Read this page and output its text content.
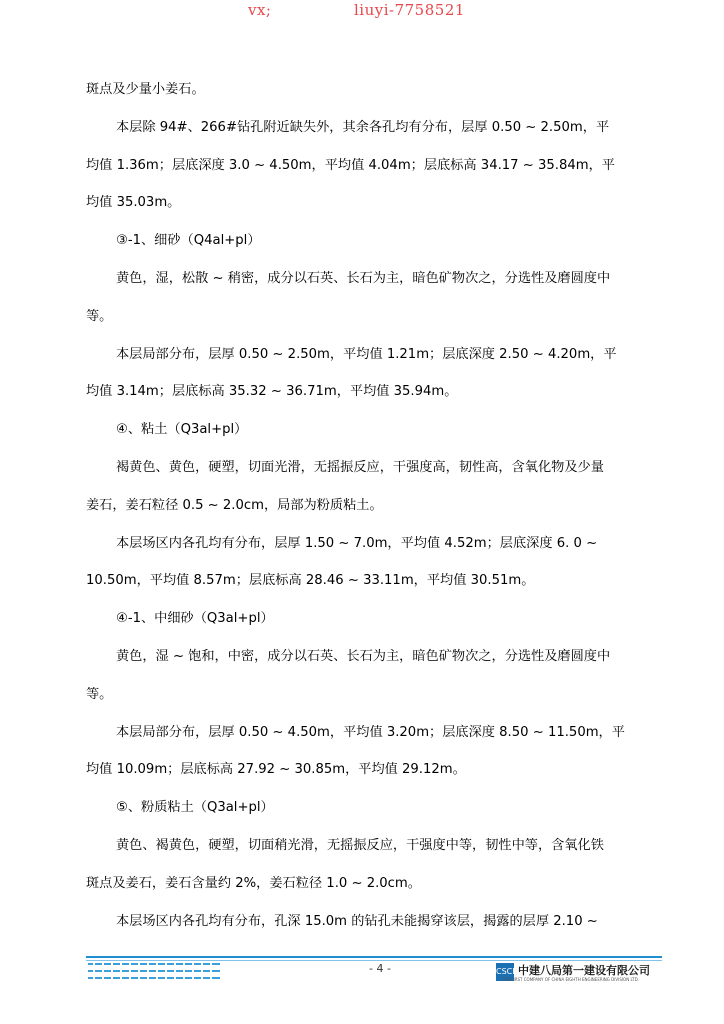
vx;	liuyi-7758521
斑点及少量小姜石。
本层除 94#、266#钻孔附近缺失外，其余各孔均有分布，层厚 0.50 ~ 2.50m，平
均值 1.36m；层底深度 3.0 ~ 4.50m，平均值 4.04m；层底标高 34.17 ~ 35.84m，平
均值 35.03m。
③-1、细砂（Q4al+pl）
黄色，湿，松散 ~ 稍密，成分以石英、长石为主，暗色矿物次之，分选性及磨圆度中
等。
本层局部分布，层厚 0.50 ~ 2.50m，平均值 1.21m；层底深度 2.50 ~ 4.20m，平
均值 3.14m；层底标高 35.32 ~ 36.71m，平均值 35.94m。
④、粘土（Q3al+pl）
褐黄色、黄色，硬塑，切面光滑，无摇振反应，干强度高，韧性高，含氧化物及少量
姜石，姜石粒径 0.5 ~ 2.0cm，局部为粉质粘土。
本层场区内各孔均有分布，层厚 1.50 ~ 7.0m，平均值 4.52m；层底深度 6. 0 ~
10.50m，平均值 8.57m；层底标高 28.46 ~ 33.11m，平均值 30.51m。
④-1、中细砂（Q3al+pl）
黄色，湿 ~ 饱和，中密，成分以石英、长石为主，暗色矿物次之，分选性及磨圆度中
等。
本层局部分布，层厚 0.50 ~ 4.50m，平均值 3.20m；层底深度 8.50 ~ 11.50m，平
均值 10.09m；层底标高 27.92 ~ 30.85m，平均值 29.12m。
⑤、粉质粘土（Q3al+pl）
黄色、褐黄色，硬塑，切面稍光滑，无摇振反应，干强度中等，韧性中等，含氧化铁
斑点及姜石，姜石含量约 2%，姜石粒径 1.0 ~ 2.0cm。
本层场区内各孔均有分布，孔深 15.0m 的钻孔未能揭穿该层，揭露的层厚 2.10 ~
- 4 -	CSCEC
中建八局第一建设有限公司
THE FIRST COMPANY OF CHINA EIGHTH ENGINEERING DIVISION LTD.
